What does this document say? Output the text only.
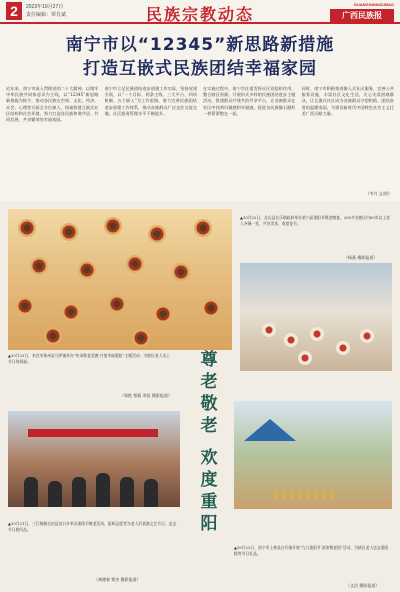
2	2023年10月27日
责任编辑：覃肖斌	民族宗教动态
GUANGXIMINZUBAO
广西民族报
南宁市以“12345”新思路新措施
打造互嵌式民族团结幸福家园
近年来，南宁市深入贯彻党的二十大精神，以铸牢中华民族共同体意识为主线，以“12345”新思路新措施为抓手，推动各民族在空间、文化、经济、社会、心理等方面全方位嵌入，探索构建互嵌式社区结构和社会环境，努力打造各民族和谐共居、共同发展、共享繁荣的幸福家园。
南宁市立足民族团结进步创建工作实际，坚持党建引领，以“一个目标、两条主线、三大平台、四项机制、五个嵌入”为工作思路，着力完善民族团结进步创建工作体系，推动各族群众广泛交往交流交融，社区服务管理水平不断提升。
在实施过程中，南宁市注重发挥社区党组织作用，整合辖区资源，开展形式多样的民族团结进步主题活动，搭建群众共建共治共享平台，让各族群众在社区中找到归属感和幸福感，促进各民族像石榴籽一样紧紧抱在一起。
同时，南宁市积极推进嵌入式社区服务，完善公共服务设施，丰富社区文化生活，关心关爱困难群众，让互嵌式社区成为各族群众守望相助、团结奋进的温暖家园，为建设新时代中国特色社会主义壮美广西贡献力量。
（韦丹 文/图）
▲10月22日，北山县长乐镇政府举办第六届重阳节敬老晚宴，200多名辖区内65岁以上老人齐聚一堂，共享美食，欢度佳节。
（杨燕 摄影报道）
▲10月23日，来宾市象州县马坪镇举办“传承敬老美德 共度幸福重阳”主题活动，为辖区老人送上节日的祝福。
（邹艳 覃燕 邓恒 摄影报道）
尊
老
敬
老
欢
度
重
阳
▲10月21日，三江侗族自治县良口乡举办重阳节敬老活动，组织志愿者为老人们表演文艺节目，送去节日慰问品。
（龚德春 覃杰 摄影报道）
▲10月23日，南宁市上林县白圩镇开展“九九重阳节 浓浓敬老情”活动，为辖区老人送去重阳糕等节日礼品。
（文洁 摄影报道）
